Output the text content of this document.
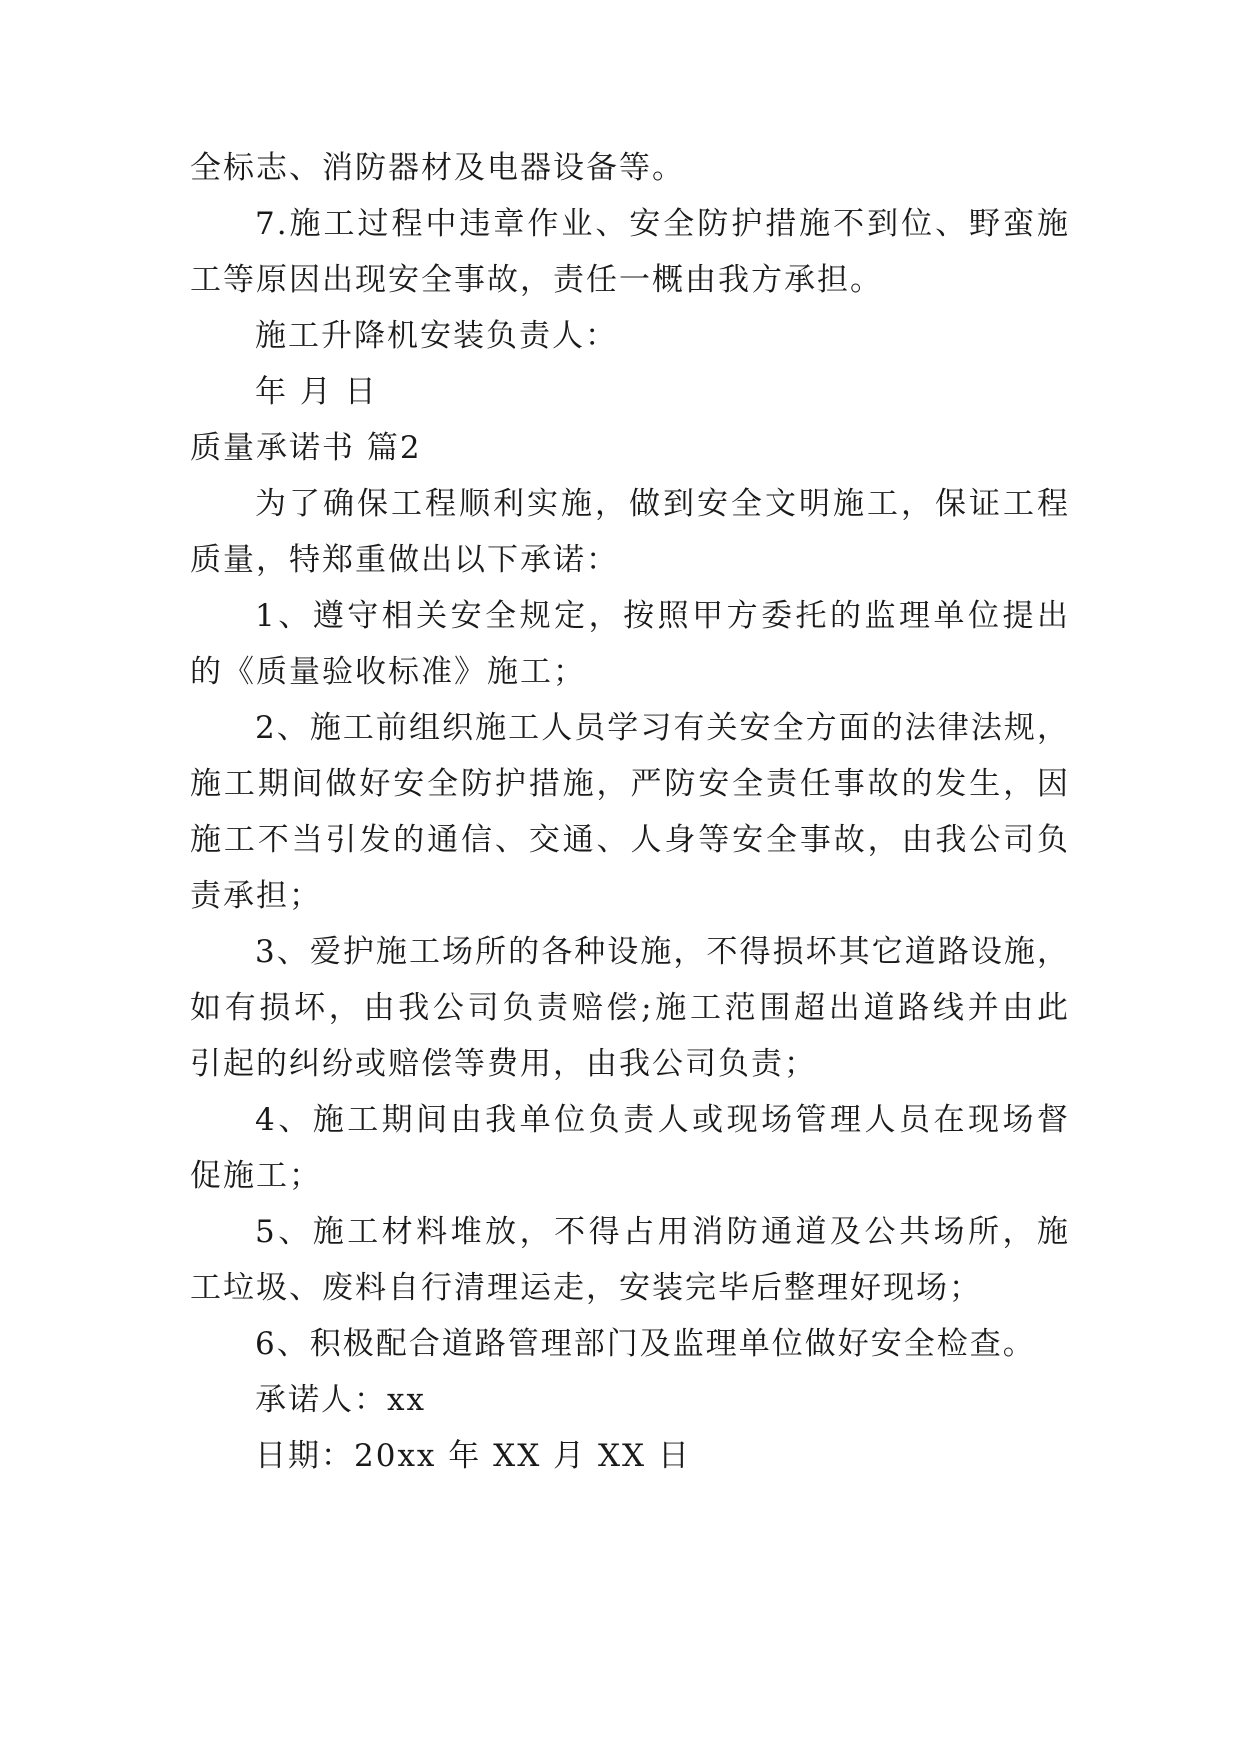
全标志、消防器材及电器设备等。
7.施工过程中违章作业、安全防护措施不到位、野蛮施
工等原因出现安全事故，责任一概由我方承担。
施工升降机安装负责人：
年 月 日
质量承诺书 篇2
为了确保工程顺利实施，做到安全文明施工，保证工程
质量，特郑重做出以下承诺：
1、遵守相关安全规定，按照甲方委托的监理单位提出
的《质量验收标准》施工；
2、施工前组织施工人员学习有关安全方面的法律法规，
施工期间做好安全防护措施，严防安全责任事故的发生，因
施工不当引发的通信、交通、人身等安全事故，由我公司负
责承担；
3、爱护施工场所的各种设施，不得损坏其它道路设施，
如有损坏，由我公司负责赔偿;施工范围超出道路线并由此
引起的纠纷或赔偿等费用，由我公司负责；
4、施工期间由我单位负责人或现场管理人员在现场督
促施工；
5、施工材料堆放，不得占用消防通道及公共场所，施
工垃圾、废料自行清理运走，安装完毕后整理好现场；
6、积极配合道路管理部门及监理单位做好安全检查。
承诺人：xx
日期：20xx 年 XX 月 XX 日
